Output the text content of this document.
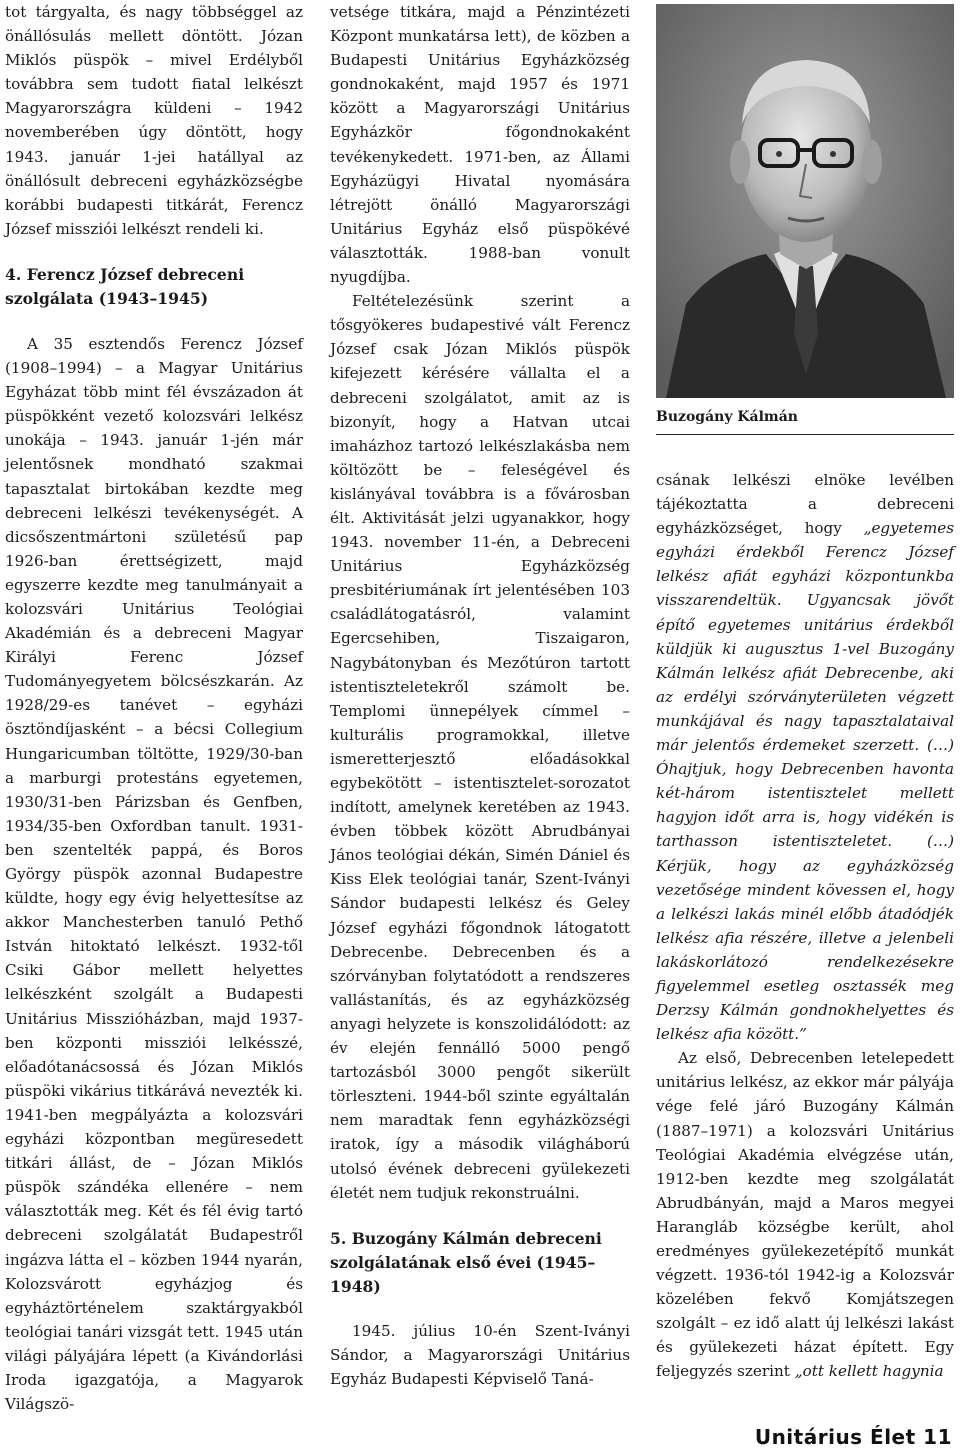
tot tárgyalta, és nagy többséggel az önállósulás mellett döntött. Józan Miklós püspök – mivel Erdélyből továbbra sem tudott fiatal lelkészt Magyarországra küldeni – 1942 novemberében úgy döntött, hogy 1943. január 1-jei hatállyal az önállósult debreceni egyházközségbe korábbi budapesti titkárát, Ferencz József missziói lelkészt rendeli ki.

4. Ferencz József debreceni szolgálata (1943–1945)

A 35 esztendős Ferencz József (1908–1994) – a Magyar Unitárius Egyházat több mint fél évszázadon át püspökként vezető kolozsvári lelkész unokája – 1943. január 1-jén már jelentősnek mondható szakmai tapasztalat birtokában kezdte meg debreceni lelkészi tevékenységét. A dicsőszentmártoni születésű pap 1926-ban érettségizett, majd egyszerre kezdte meg tanulmányait a kolozsvári Unitárius Teológiai Akadémián és a debreceni Magyar Királyi Ferenc József Tudományegyetem bölcsészkarán. Az 1928/29-es tanévet – egyházi ösztöndíjasként – a bécsi Collegium Hungaricumban töltötte, 1929/30-ban a marburgi protestáns egyetemen, 1930/31-ben Párizsban és Genfben, 1934/35-ben Oxfordban tanult. 1931-ben szentelték pappá, és Boros György püspök azonnal Budapestre küldte, hogy egy évig helyettesítse az akkor Manchesterben tanuló Pethő István hitoktató lelkészt. 1932-től Csiki Gábor mellett helyettes lelkészként szolgált a Budapesti Unitárius Misszióházban, majd 1937-ben központi missziói lelkésszé, előadótanácsossá és Józan Miklós püspöki vikárius titkárává nevezték ki. 1941-ben megpályázta a kolozsvári egyházi központban megüresedett titkári állást, de – Józan Miklós püspök szándéka ellenére – nem választották meg. Két és fél évig tartó debreceni szolgálatát Budapestről ingázva látta el – közben 1944 nyarán, Kolozsvárott egyházjog és egyháztörténelem szaktárgyakból teológiai tanári vizsgát tett. 1945 után világi pályájára lépett (a Kivándorlási Iroda igazgatója, a Magyarok Világszö-

vetsége titkára, majd a Pénzintézeti Központ munkatársa lett), de közben a Budapesti Unitárius Egyházközség gondnokaként, majd 1957 és 1971 között a Magyarországi Unitárius Egyházkör főgondnokaként tevékenykedett. 1971-ben, az Állami Egyházügyi Hivatal nyomására létrejött önálló Magyarországi Unitárius Egyház első püspökévé választották. 1988-ban vonult nyugdíjba.

Feltételezésünk szerint a tősgyökeres budapestivé vált Ferencz József csak Józan Miklós püspök kifejezett kérésére vállalta el a debreceni szolgálatot, amit az is bizonyít, hogy a Hatvan utcai imaházhoz tartozó lelkészlakásba nem költözött be – feleségével és kislányával továbbra is a fővárosban élt. Aktivitását jelzi ugyanakkor, hogy 1943. november 11-én, a Debreceni Unitárius Egyházközség presbitériumának írt jelentésében 103 családlátogatásról, valamint Egercsehiben, Tiszaigaron, Nagybátonyban és Mezőtúron tartott istentiszteletekről számolt be. Templomi ünnepélyek címmel – kulturális programokkal, illetve ismeretterjesztő előadásokkal egybekötött – istentisztelet-sorozatot indított, amelynek keretében az 1943. évben többek között Abrudbányai János teológiai dékán, Simén Dániel és Kiss Elek teológiai tanár, Szent-Iványi Sándor budapesti lelkész és Geley József egyházi főgondnok látogatott Debrecenbe. Debrecenben és a szórványban folytatódott a rendszeres vallástanítás, és az egyházközség anyagi helyzete is konszolidálódott: az év elején fennálló 5000 pengő tartozásból 3000 pengőt sikerült törleszteni. 1944-ből szinte egyáltalán nem maradtak fenn egyházközségi iratok, így a második világháború utolsó évének debreceni gyülekezeti életét nem tudjuk rekonstruálni.

5. Buzogány Kálmán debreceni szolgálatának első évei (1945–1948)

1945. július 10-én Szent-Iványi Sándor, a Magyarországi Unitárius Egyház Budapesti Képviselő Taná-

Buzogány Kálmán

csának lelkészi elnöke levélben tájékoztatta a debreceni egyházközséget, hogy „egyetemes egyházi érdekből Ferencz József lelkész afiát egyházi központunkba visszarendeltük. Ugyancsak jövőt építő egyetemes unitárius érdekből küldjük ki augusztus 1-vel Buzogány Kálmán lelkész afiát Debrecenbe, aki az erdélyi szórványterületen végzett munkájával és nagy tapasztalataival már jelentős érdemeket szerzett. (…) Óhajtjuk, hogy Debrecenben havonta két-három istentisztelet mellett hagyjon időt arra is, hogy vidékén is tarthasson istentiszteletet. (…) Kérjük, hogy az egyházközség vezetősége mindent kövessen el, hogy a lelkészi lakás minél előbb átadódjék lelkész afia részére, illetve a jelenbeli lakáskorlátozó rendelkezésekre figyelemmel esetleg osztassék meg Derzsy Kálmán gondnokhelyettes és lelkész afia között.”

Az első, Debrecenben letelepedett unitárius lelkész, az ekkor már pályája vége felé járó Buzogány Kálmán (1887–1971) a kolozsvári Unitárius Teológiai Akadémia elvégzése után, 1912-ben kezdte meg szolgálatát Abrudbányán, majd a Maros megyei Harangláb községbe került, ahol eredményes gyülekezetépítő munkát végzett. 1936-tól 1942-ig a Kolozsvár közelében fekvő Komjátszegen szolgált – ez idő alatt új lelkészi lakást és gyülekezeti házat épített. Egy feljegyzés szerint „ott kellett hagynia

Unitárius Élet 11
